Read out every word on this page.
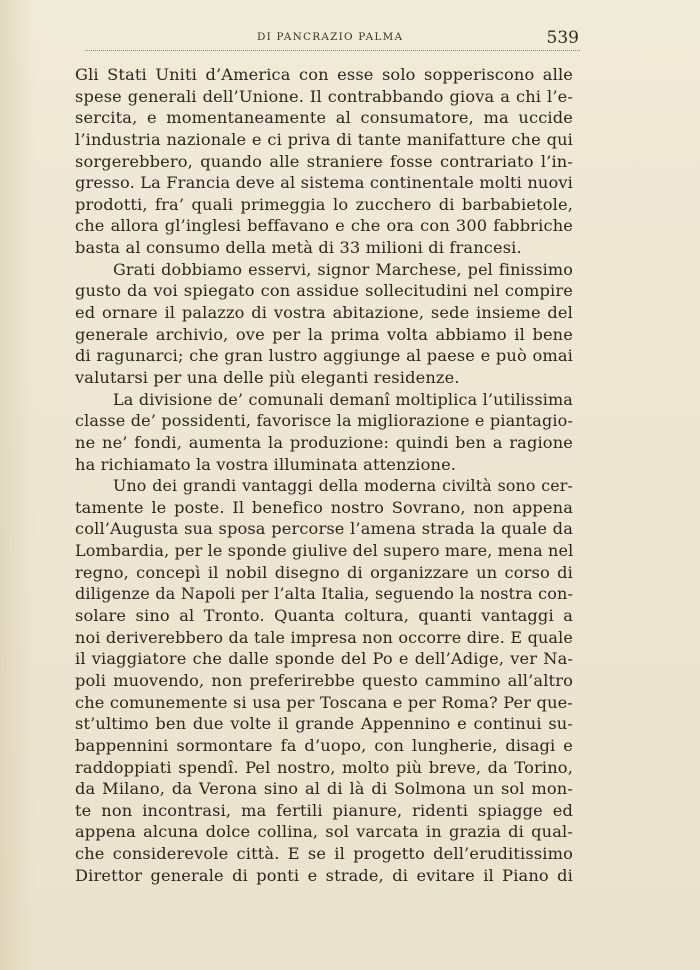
DI PANCRAZIO PALMA	539
Gli Stati Uniti d’America con esse solo sopperiscono alle
spese generali dell’Unione. Il contrabbando giova a chi l’e-
sercita, e momentaneamente al consumatore, ma uccide
l’industria nazionale e ci priva di tante manifatture che qui
sorgerebbero, quando alle straniere fosse contrariato l’in-
gresso. La Francia deve al sistema continentale molti nuovi
prodotti, fra’ quali primeggia lo zucchero di barbabietole,
che allora gl’inglesi beffavano e che ora con 300 fabbriche
basta al consumo della metà di 33 milioni di francesi.
Grati dobbiamo esservi, signor Marchese, pel finissimo
gusto da voi spiegato con assidue sollecitudini nel compire
ed ornare il palazzo di vostra abitazione, sede insieme del
generale archivio, ove per la prima volta abbiamo il bene
di ragunarci; che gran lustro aggiunge al paese e può omai
valutarsi per una delle più eleganti residenze.
La divisione de’ comunali demanî moltiplica l’utilissima
classe de’ possidenti, favorisce la migliorazione e piantagio-
ne ne’ fondi, aumenta la produzione: quindi ben a ragione
ha richiamato la vostra illuminata attenzione.
Uno dei grandi vantaggi della moderna civiltà sono cer-
tamente le poste. Il benefico nostro Sovrano, non appena
coll’Augusta sua sposa percorse l’amena strada la quale da
Lombardia, per le sponde giulive del supero mare, mena nel
regno, concepì il nobil disegno di organizzare un corso di
diligenze da Napoli per l’alta Italia, seguendo la nostra con-
solare sino al Tronto. Quanta coltura, quanti vantaggi a
noi deriverebbero da tale impresa non occorre dire. E quale
il viaggiatore che dalle sponde del Po e dell’Adige, ver Na-
poli muovendo, non preferirebbe questo cammino all’altro
che comunemente si usa per Toscana e per Roma? Per que-
st’ultimo ben due volte il grande Appennino e continui su-
bappennini sormontare fa d’uopo, con lungherie, disagi e
raddoppiati spendî. Pel nostro, molto più breve, da Torino,
da Milano, da Verona sino al di là di Solmona un sol mon-
te non incontrasi, ma fertili pianure, ridenti spiagge ed
appena alcuna dolce collina, sol varcata in grazia di qual-
che considerevole città. E se il progetto dell’eruditissimo
Direttor generale di ponti e strade, di evitare il Piano di
